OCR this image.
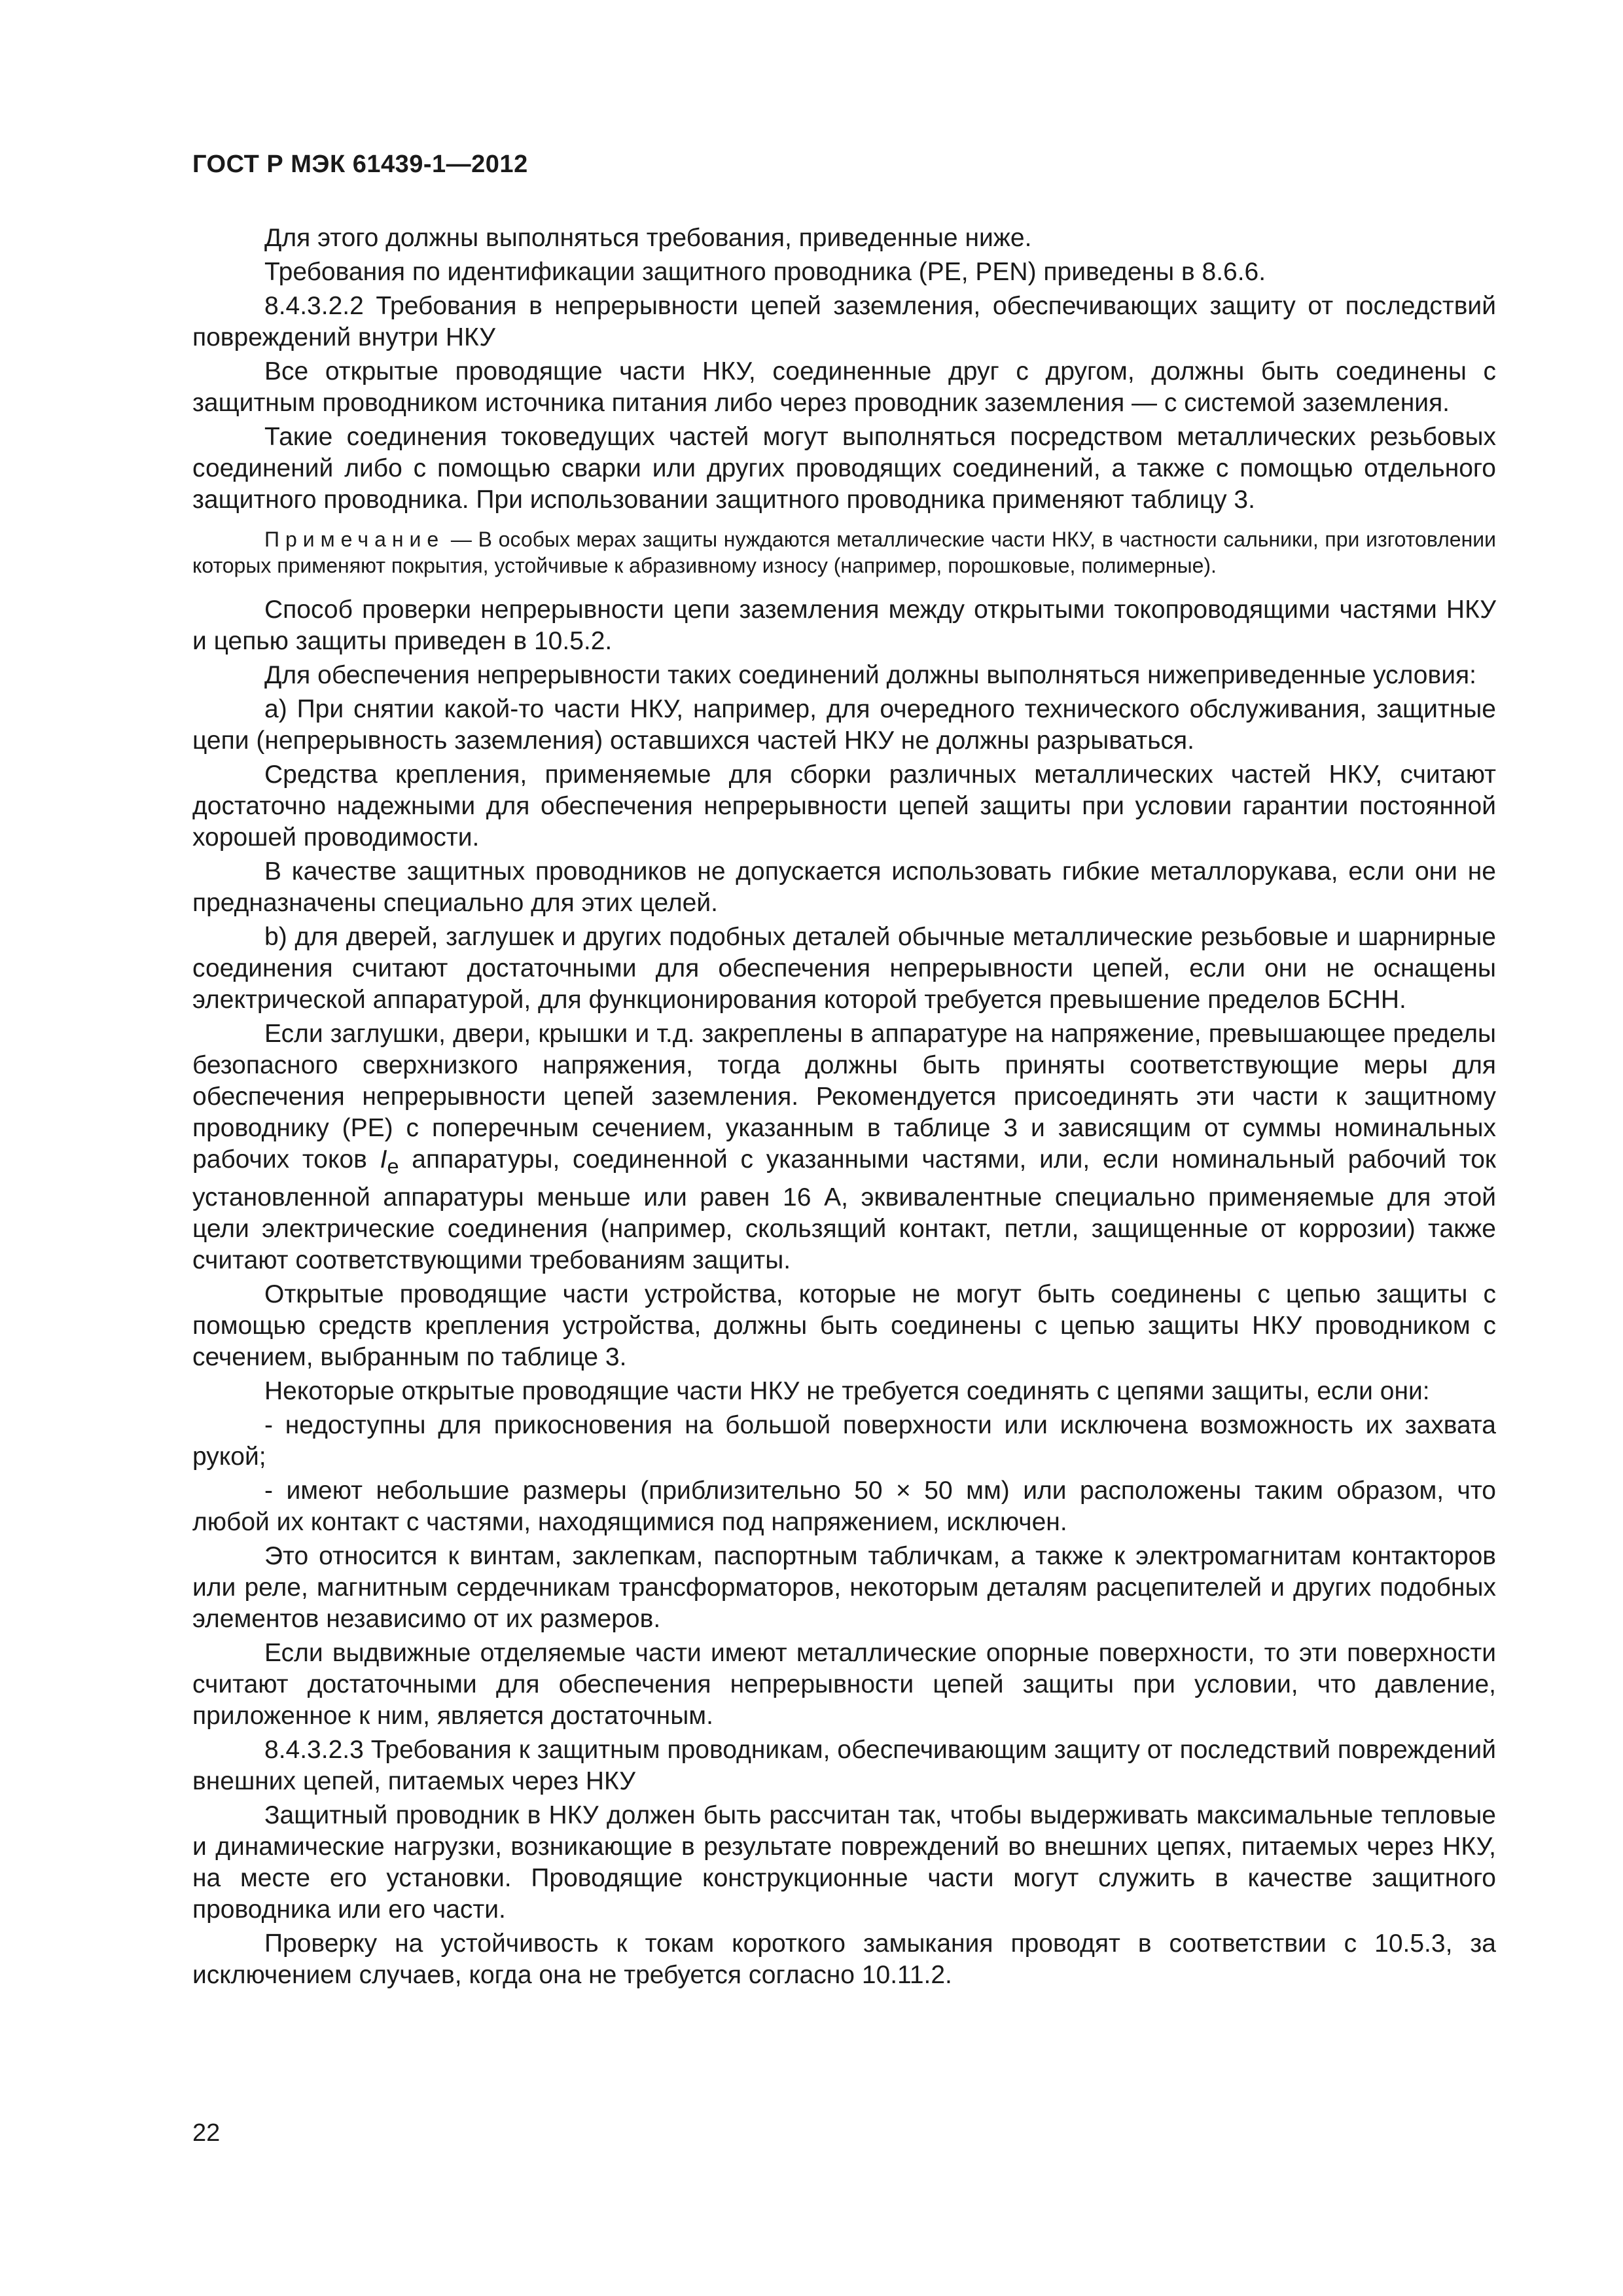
ГОСТ Р МЭК 61439-1—2012

Для этого должны выполняться требования, приведенные ниже.

Требования по идентификации защитного проводника (PE, PEN) приведены в 8.6.6.

8.4.3.2.2 Требования в непрерывности цепей заземления, обеспечивающих защиту от последствий повреждений внутри НКУ

Все открытые проводящие части НКУ, соединенные друг с другом, должны быть соединены с защитным проводником источника питания либо через проводник заземления — с системой заземления.

Такие соединения токоведущих частей могут выполняться посредством металлических резьбовых соединений либо с помощью сварки или других проводящих соединений, а также с помощью отдельного защитного проводника. При использовании защитного проводника применяют таблицу 3.

Примечание — В особых мерах защиты нуждаются металлические части НКУ, в частности сальники, при изготовлении которых применяют покрытия, устойчивые к абразивному износу (например, порошковые, полимерные).

Способ проверки непрерывности цепи заземления между открытыми токопроводящими частями НКУ и цепью защиты приведен в 10.5.2.

Для обеспечения непрерывности таких соединений должны выполняться нижеприведенные условия:

a) При снятии какой-то части НКУ, например, для очередного технического обслуживания, защитные цепи (непрерывность заземления) оставшихся частей НКУ не должны разрываться.

Средства крепления, применяемые для сборки различных металлических частей НКУ, считают достаточно надежными для обеспечения непрерывности цепей защиты при условии гарантии постоянной хорошей проводимости.

В качестве защитных проводников не допускается использовать гибкие металлорукава, если они не предназначены специально для этих целей.

b) для дверей, заглушек и других подобных деталей обычные металлические резьбовые и шарнирные соединения считают достаточными для обеспечения непрерывности цепей, если они не оснащены электрической аппаратурой, для функционирования которой требуется превышение пределов БСНН.

Если заглушки, двери, крышки и т.д. закреплены в аппаратуре на напряжение, превышающее пределы безопасного сверхнизкого напряжения, тогда должны быть приняты соответствующие меры для обеспечения непрерывности цепей заземления. Рекомендуется присоединять эти части к защитному проводнику (PE) с поперечным сечением, указанным в таблице 3 и зависящим от суммы номинальных рабочих токов $I_e$ аппаратуры, соединенной с указанными частями, или, если номинальный рабочий ток установленной аппаратуры меньше или равен 16 А, эквивалентные специально применяемые для этой цели электрические соединения (например, скользящий контакт, петли, защищенные от коррозии) также считают соответствующими требованиям защиты.

Открытые проводящие части устройства, которые не могут быть соединены с цепью защиты с помощью средств крепления устройства, должны быть соединены с цепью защиты НКУ проводником с сечением, выбранным по таблице 3.

Некоторые открытые проводящие части НКУ не требуется соединять с цепями защиты, если они:

- недоступны для прикосновения на большой поверхности или исключена возможность их захвата рукой;

- имеют небольшие размеры (приблизительно 50 × 50 мм) или расположены таким образом, что любой их контакт с частями, находящимися под напряжением, исключен.

Это относится к винтам, заклепкам, паспортным табличкам, а также к электромагнитам контакторов или реле, магнитным сердечникам трансформаторов, некоторым деталям расцепителей и других подобных элементов независимо от их размеров.

Если выдвижные отделяемые части имеют металлические опорные поверхности, то эти поверхности считают достаточными для обеспечения непрерывности цепей защиты при условии, что давление, приложенное к ним, является достаточным.

8.4.3.2.3 Требования к защитным проводникам, обеспечивающим защиту от последствий повреждений внешних цепей, питаемых через НКУ

Защитный проводник в НКУ должен быть рассчитан так, чтобы выдерживать максимальные тепловые и динамические нагрузки, возникающие в результате повреждений во внешних цепях, питаемых через НКУ, на месте его установки. Проводящие конструкционные части могут служить в качестве защитного проводника или его части.

Проверку на устойчивость к токам короткого замыкания проводят в соответствии с 10.5.3, за исключением случаев, когда она не требуется согласно 10.11.2.

22
